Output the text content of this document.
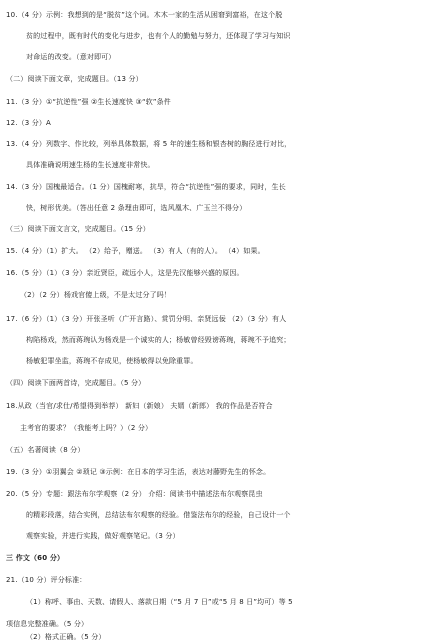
10.（4 分）示例：我想到的是“脱贫”这个词。木木一家的生活从困窘到富裕，在这个脱
贫的过程中，既有时代的变化与进步，也有个人的勤勉与努力，还体现了学习与知识
对命运的改变。（意对即可）
（二）阅读下面文章，完成题目。（13 分）
11.（3 分）①“抗逆性”强 ②生长速度快 ③“软”条件
12.（3 分）A
13.（4 分）列数字、作比较，列举具体数据，将 5 年的速生杨和银杏树的胸径进行对比，
具体准确说明速生杨的生长速度非常快。
14.（3 分）国槐最适合。（1 分）国槐耐寒，抗旱，符合“抗逆性”强的要求，同时，生长
快，树形优美。（答出任意 2 条理由即可，选风凰木、广玉兰不得分）
（三）阅读下面文言文，完成题目。（15 分）
15.（4 分）（1）扩大。 （2）给予，赠送。 （3）有人（有的人）。 （4）如果。
16.（5 分）（1）（3 分）亲近贤臣，疏远小人，这是先汉能够兴盛的原因。
（2）（2 分）杨戏官傻上级，不是太过分了吗！
17.（6 分）（1）（3 分）开张圣听（广开言路）、赏罚分明、亲贤远佞 （2）（3 分）有人
构陷杨戏，然而蒋琬认为杨戏是一个诚实的人；杨敏曾经毁谤蒋琬，蒋琬不予追究；
杨敏犯罪坐监，蒋琬不存成见，使杨敏得以免除重罪。
（四）阅读下面两首诗，完成题目。（5 分）
18.从政（当官/求仕/希望得到举荐） 新妇（新娘） 夫婿（新郎） 我的作品是否符合
主考官的要求？（我能考上吗？）（2 分）
（五）名著阅读（8 分）
19.（3 分）①羽翼会 ②琐记 ③示例：在日本的学习生活，表达对藤野先生的怀念。
20.（5 分）专题：跟法布尔学观察（2 分） 介绍：阅读书中描述法布尔观察昆虫
的精彩段落，结合实例，总结法布尔观察的经验。借鉴法布尔的经验，自己设计一个
观察实验，并进行实践，做好观察笔记。（3 分）
三 作文（60 分）
21.（10 分）评分标准：
（1）称呼、事由、天数、请假人、落款日期（“5 月 7 日”或“5 月 8 日”均可）等 5
项信息完整准确。（5 分）
（2）格式正确。（5 分）
